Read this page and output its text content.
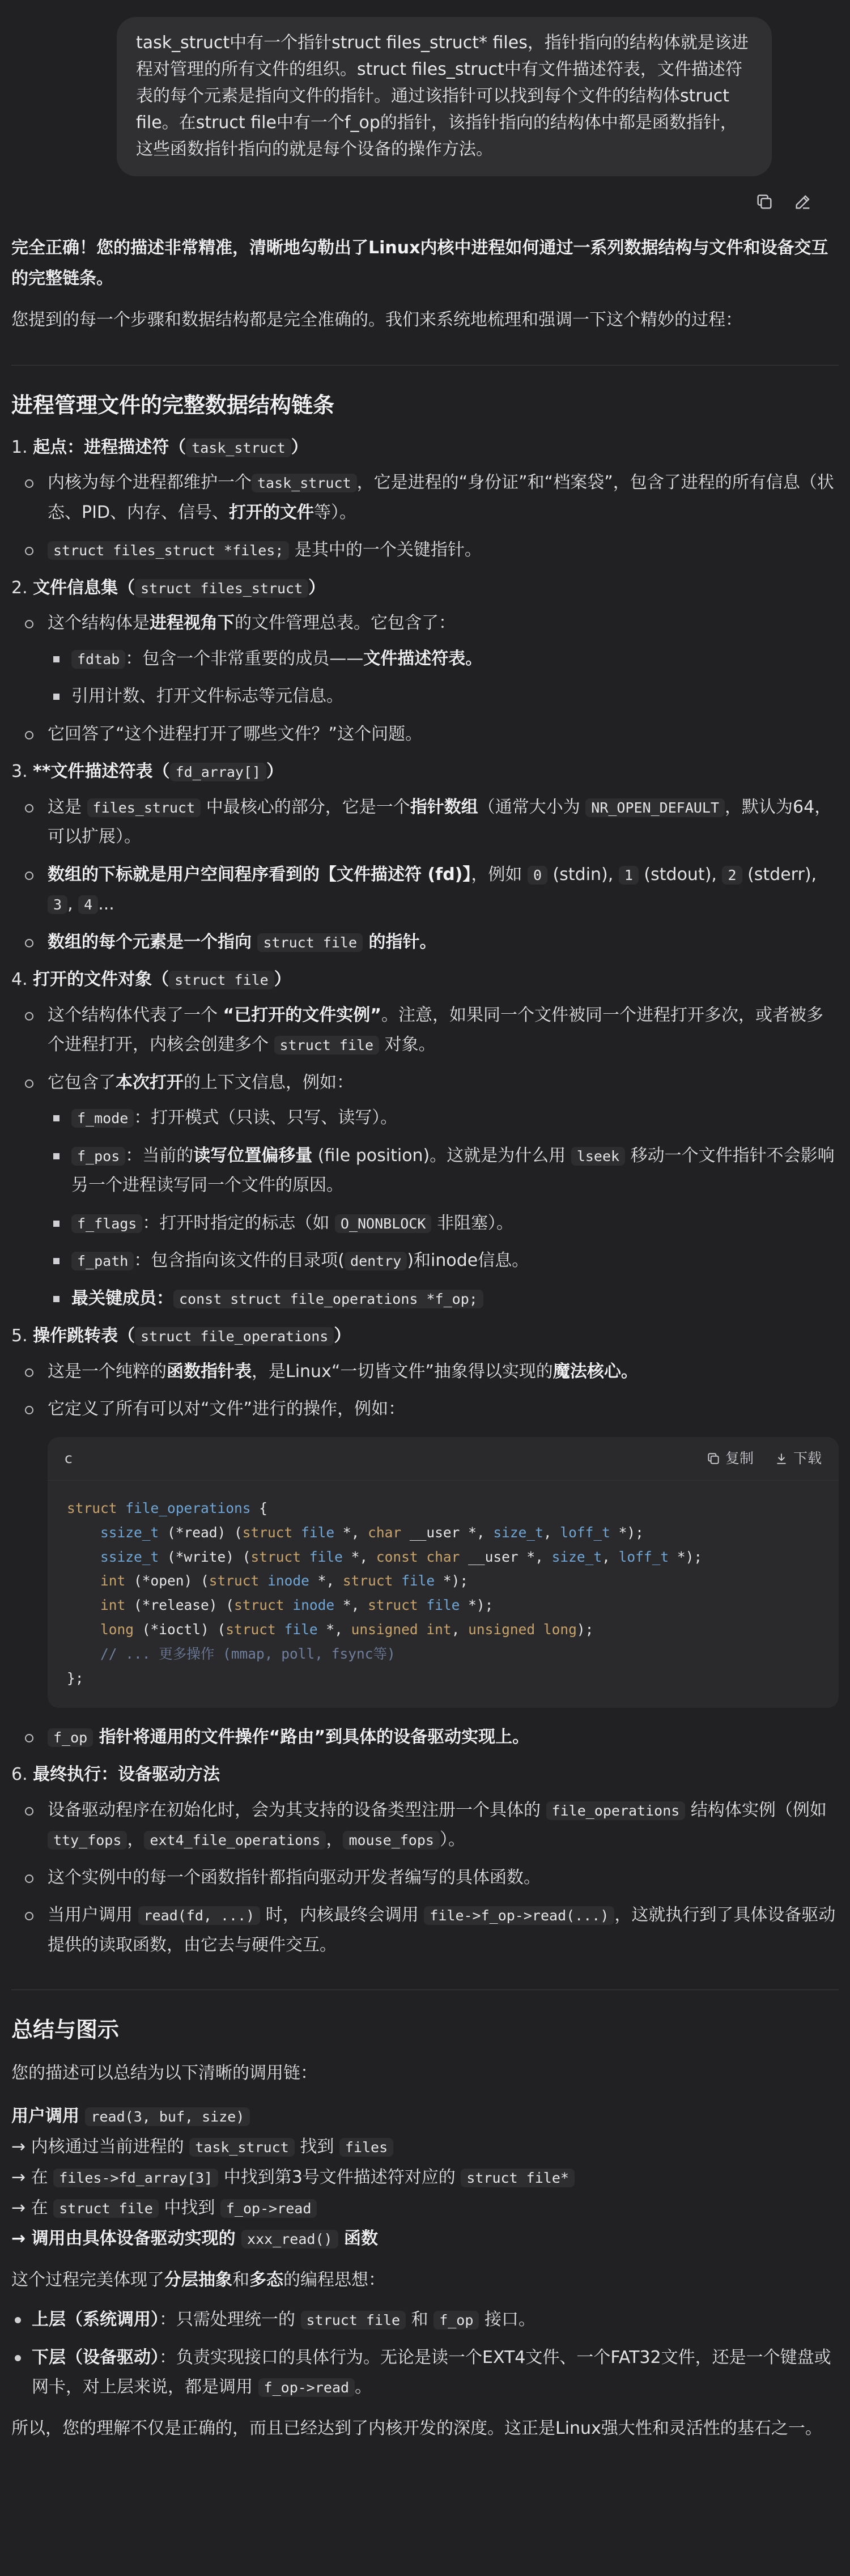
task_struct中有一个指针struct files_struct* files，指针指向的结构体就是该进程对管理的所有文件的组织。struct files_struct中有文件描述符表，文件描述符表的每个元素是指向文件的指针。通过该指针可以找到每个文件的结构体struct file。在struct file中有一个f_op的指针，该指针指向的结构体中都是函数指针，这些函数指针指向的就是每个设备的操作方法。
完全正确！您的描述非常精准，清晰地勾勒出了Linux内核中进程如何通过一系列数据结构与文件和设备交互的完整链条。

您提到的每一个步骤和数据结构都是完全准确的。我们来系统地梳理和强调一下这个精妙的过程：

进程管理文件的完整数据结构链条
1. 起点：进程描述符（ task_struct ）
内核为每个进程都维护一个 task_struct ，它是进程的“身份证”和“档案袋”，包含了进程的所有信息（状态、PID、内存、信号、打开的文件等）。
struct files_struct *files; 是其中的一个关键指针。
2. 文件信息集（ struct files_struct ）
这个结构体是进程视角下的文件管理总表。它包含了：
fdtab ：包含一个非常重要的成员——文件描述符表。
引用计数、打开文件标志等元信息。
它回答了“这个进程打开了哪些文件？”这个问题。
3. **文件描述符表（ fd_array[] ）
这是 files_struct 中最核心的部分，它是一个指针数组（通常大小为 NR_OPEN_DEFAULT ，默认为64，可以扩展）。
数组的下标就是用户空间程序看到的【文件描述符 (fd)】，例如 0 (stdin), 1 (stdout), 2 (stderr), 3 , 4 ...
数组的每个元素是一个指向 struct file 的指针。
4. 打开的文件对象（ struct file ）
这个结构体代表了一个 “已打开的文件实例”。注意，如果同一个文件被同一个进程打开多次，或者被多个进程打开，内核会创建多个 struct file 对象。
它包含了本次打开的上下文信息，例如：
f_mode ：打开模式（只读、只写、读写）。
f_pos ：当前的读写位置偏移量 (file position)。这就是为什么用 lseek 移动一个文件指针不会影响另一个进程读写同一个文件的原因。
f_flags ：打开时指定的标志（如 O_NONBLOCK 非阻塞）。
f_path ：包含指向该文件的目录项( dentry )和inode信息。
最关键成员： const struct file_operations *f_op;
5. 操作跳转表（ struct file_operations ）
这是一个纯粹的函数指针表，是Linux“一切皆文件”抽象得以实现的魔法核心。
它定义了所有可以对“文件”进行的操作，例如：
c	复制	下载
struct file_operations {
ssize_t (*read) (struct file *, char __user *, size_t, loff_t *);
ssize_t (*write) (struct file *, const char __user *, size_t, loff_t *);
int (*open) (struct inode *, struct file *);
int (*release) (struct inode *, struct file *);
long (*ioctl) (struct file *, unsigned int, unsigned long);
// ... 更多操作 (mmap, poll, fsync等)
};
f_op 指针将通用的文件操作“路由”到具体的设备驱动实现上。
6. 最终执行：设备驱动方法
设备驱动程序在初始化时，会为其支持的设备类型注册一个具体的 file_operations 结构体实例（例如 tty_fops ， ext4_file_operations ， mouse_fops ）。
这个实例中的每一个函数指针都指向驱动开发者编写的具体函数。
当用户调用 read(fd, ...) 时，内核最终会调用 file->f_op->read(...) ，这就执行到了具体设备驱动提供的读取函数，由它去与硬件交互。
总结与图示

您的描述可以总结为以下清晰的调用链：

用户调用 read(3, buf, size)
→ 内核通过当前进程的 task_struct 找到 files
→ 在 files->fd_array[3] 中找到第3号文件描述符对应的 struct file*
→ 在 struct file 中找到 f_op->read
→ 调用由具体设备驱动实现的 xxx_read() 函数

这个过程完美体现了分层抽象和多态的编程思想：

上层（系统调用）：只需处理统一的 struct file 和 f_op 接口。
下层（设备驱动）：负责实现接口的具体行为。无论是读一个EXT4文件、一个FAT32文件，还是一个键盘或网卡，对上层来说，都是调用 f_op->read 。

所以，您的理解不仅是正确的，而且已经达到了内核开发的深度。这正是Linux强大性和灵活性的基石之一。
